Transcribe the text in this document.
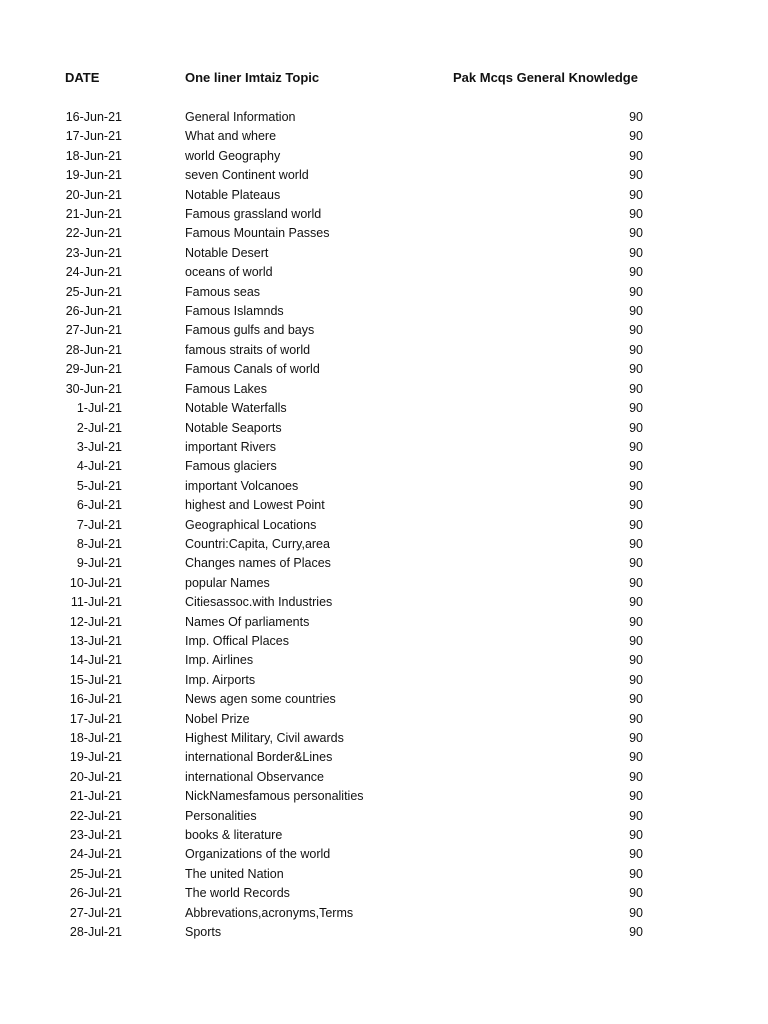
DATE	One liner Imtaiz Topic	Pak Mcqs General Knowledge
16-Jun-21	General Information	90
17-Jun-21	What and where	90
18-Jun-21	world Geography	90
19-Jun-21	seven Continent world	90
20-Jun-21	Notable Plateaus	90
21-Jun-21	Famous grassland world	90
22-Jun-21	Famous Mountain Passes	90
23-Jun-21	Notable Desert	90
24-Jun-21	oceans of world	90
25-Jun-21	Famous seas	90
26-Jun-21	Famous Islamnds	90
27-Jun-21	Famous gulfs and bays	90
28-Jun-21	famous straits of world	90
29-Jun-21	Famous Canals of world	90
30-Jun-21	Famous Lakes	90
1-Jul-21	Notable Waterfalls	90
2-Jul-21	Notable Seaports	90
3-Jul-21	important Rivers	90
4-Jul-21	Famous glaciers	90
5-Jul-21	important Volcanoes	90
6-Jul-21	highest and Lowest Point	90
7-Jul-21	Geographical Locations	90
8-Jul-21	Countri:Capita, Curry,area	90
9-Jul-21	Changes names of Places	90
10-Jul-21	popular Names	90
11-Jul-21	Citiesassoc.with Industries	90
12-Jul-21	Names Of parliaments	90
13-Jul-21	Imp. Offical Places	90
14-Jul-21	Imp. Airlines	90
15-Jul-21	Imp. Airports	90
16-Jul-21	News agen some countries	90
17-Jul-21	Nobel Prize	90
18-Jul-21	Highest Military, Civil awards	90
19-Jul-21	international Border&Lines	90
20-Jul-21	international Observance	90
21-Jul-21	NickNamesfamous personalities	90
22-Jul-21	Personalities	90
23-Jul-21	books & literature	90
24-Jul-21	Organizations of the world	90
25-Jul-21	The united Nation	90
26-Jul-21	The world Records	90
27-Jul-21	Abbrevations,acronyms,Terms	90
28-Jul-21	Sports	90
